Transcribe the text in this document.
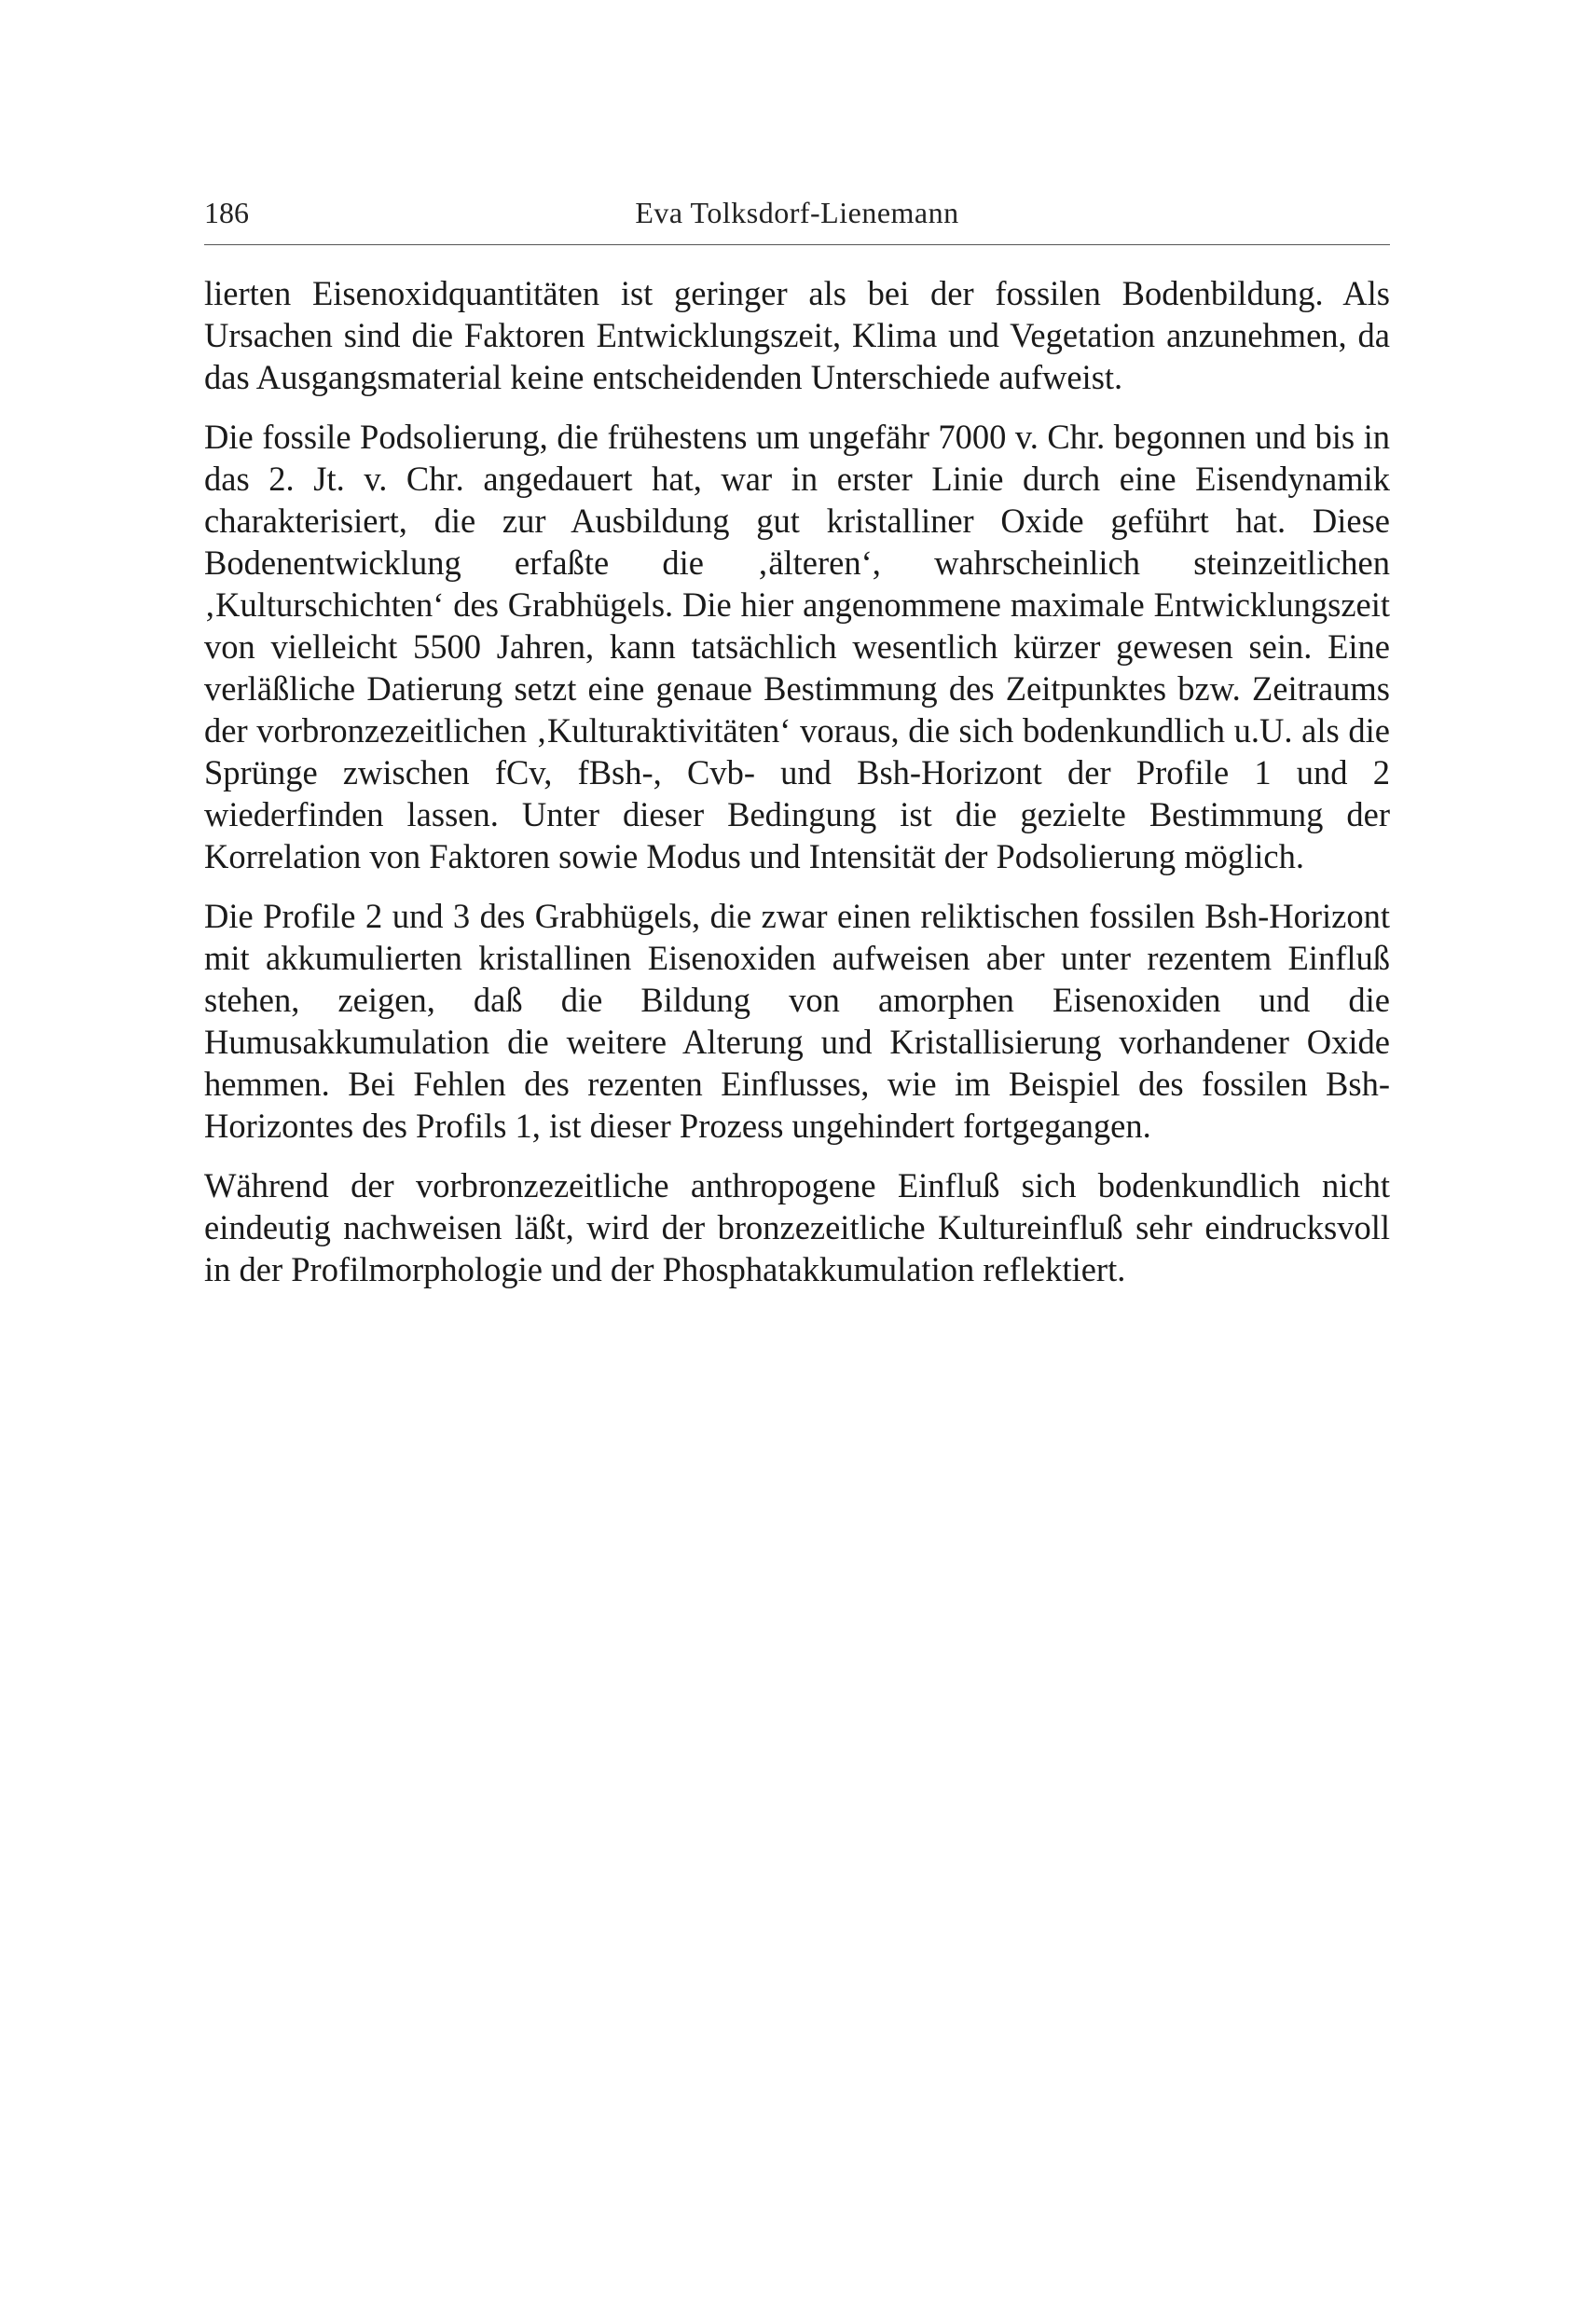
186	Eva Tolksdorf-Lienemann

lierten Eisenoxidquantitäten ist geringer als bei der fossilen Bodenbildung. Als Ursachen sind die Faktoren Entwicklungszeit, Klima und Vegetation anzunehmen, da das Ausgangsmaterial keine entscheidenden Unterschiede aufweist.

Die fossile Podsolierung, die frühestens um ungefähr 7000 v. Chr. begonnen und bis in das 2. Jt. v. Chr. angedauert hat, war in erster Linie durch eine Eisendynamik charakterisiert, die zur Ausbildung gut kristalliner Oxide geführt hat. Diese Bodenentwicklung erfaßte die ‚älteren‘, wahrscheinlich steinzeitlichen ‚Kulturschichten‘ des Grabhügels. Die hier angenommene maximale Entwicklungszeit von vielleicht 5500 Jahren, kann tatsächlich wesentlich kürzer gewesen sein. Eine verläßliche Datierung setzt eine genaue Bestimmung des Zeitpunktes bzw. Zeitraums der vorbronzezeitlichen ‚Kulturaktivitäten‘ voraus, die sich bodenkundlich u.U. als die Sprünge zwischen fCv, fBsh-, Cvb- und Bsh-Horizont der Profile 1 und 2 wiederfinden lassen. Unter dieser Bedingung ist die gezielte Bestimmung der Korrelation von Faktoren sowie Modus und Intensität der Podsolierung möglich.

Die Profile 2 und 3 des Grabhügels, die zwar einen reliktischen fossilen Bsh-Horizont mit akkumulierten kristallinen Eisenoxiden aufweisen aber unter rezentem Einfluß stehen, zeigen, daß die Bildung von amorphen Eisenoxiden und die Humusakkumulation die weitere Alterung und Kristallisierung vorhandener Oxide hemmen. Bei Fehlen des rezenten Einflusses, wie im Beispiel des fossilen Bsh-Horizontes des Profils 1, ist dieser Prozess ungehindert fortgegangen.

Während der vorbronzezeitliche anthropogene Einfluß sich bodenkundlich nicht eindeutig nachweisen läßt, wird der bronzezeitliche Kultureinfluß sehr eindrucksvoll in der Profilmorphologie und der Phosphatakkumulation reflektiert.
